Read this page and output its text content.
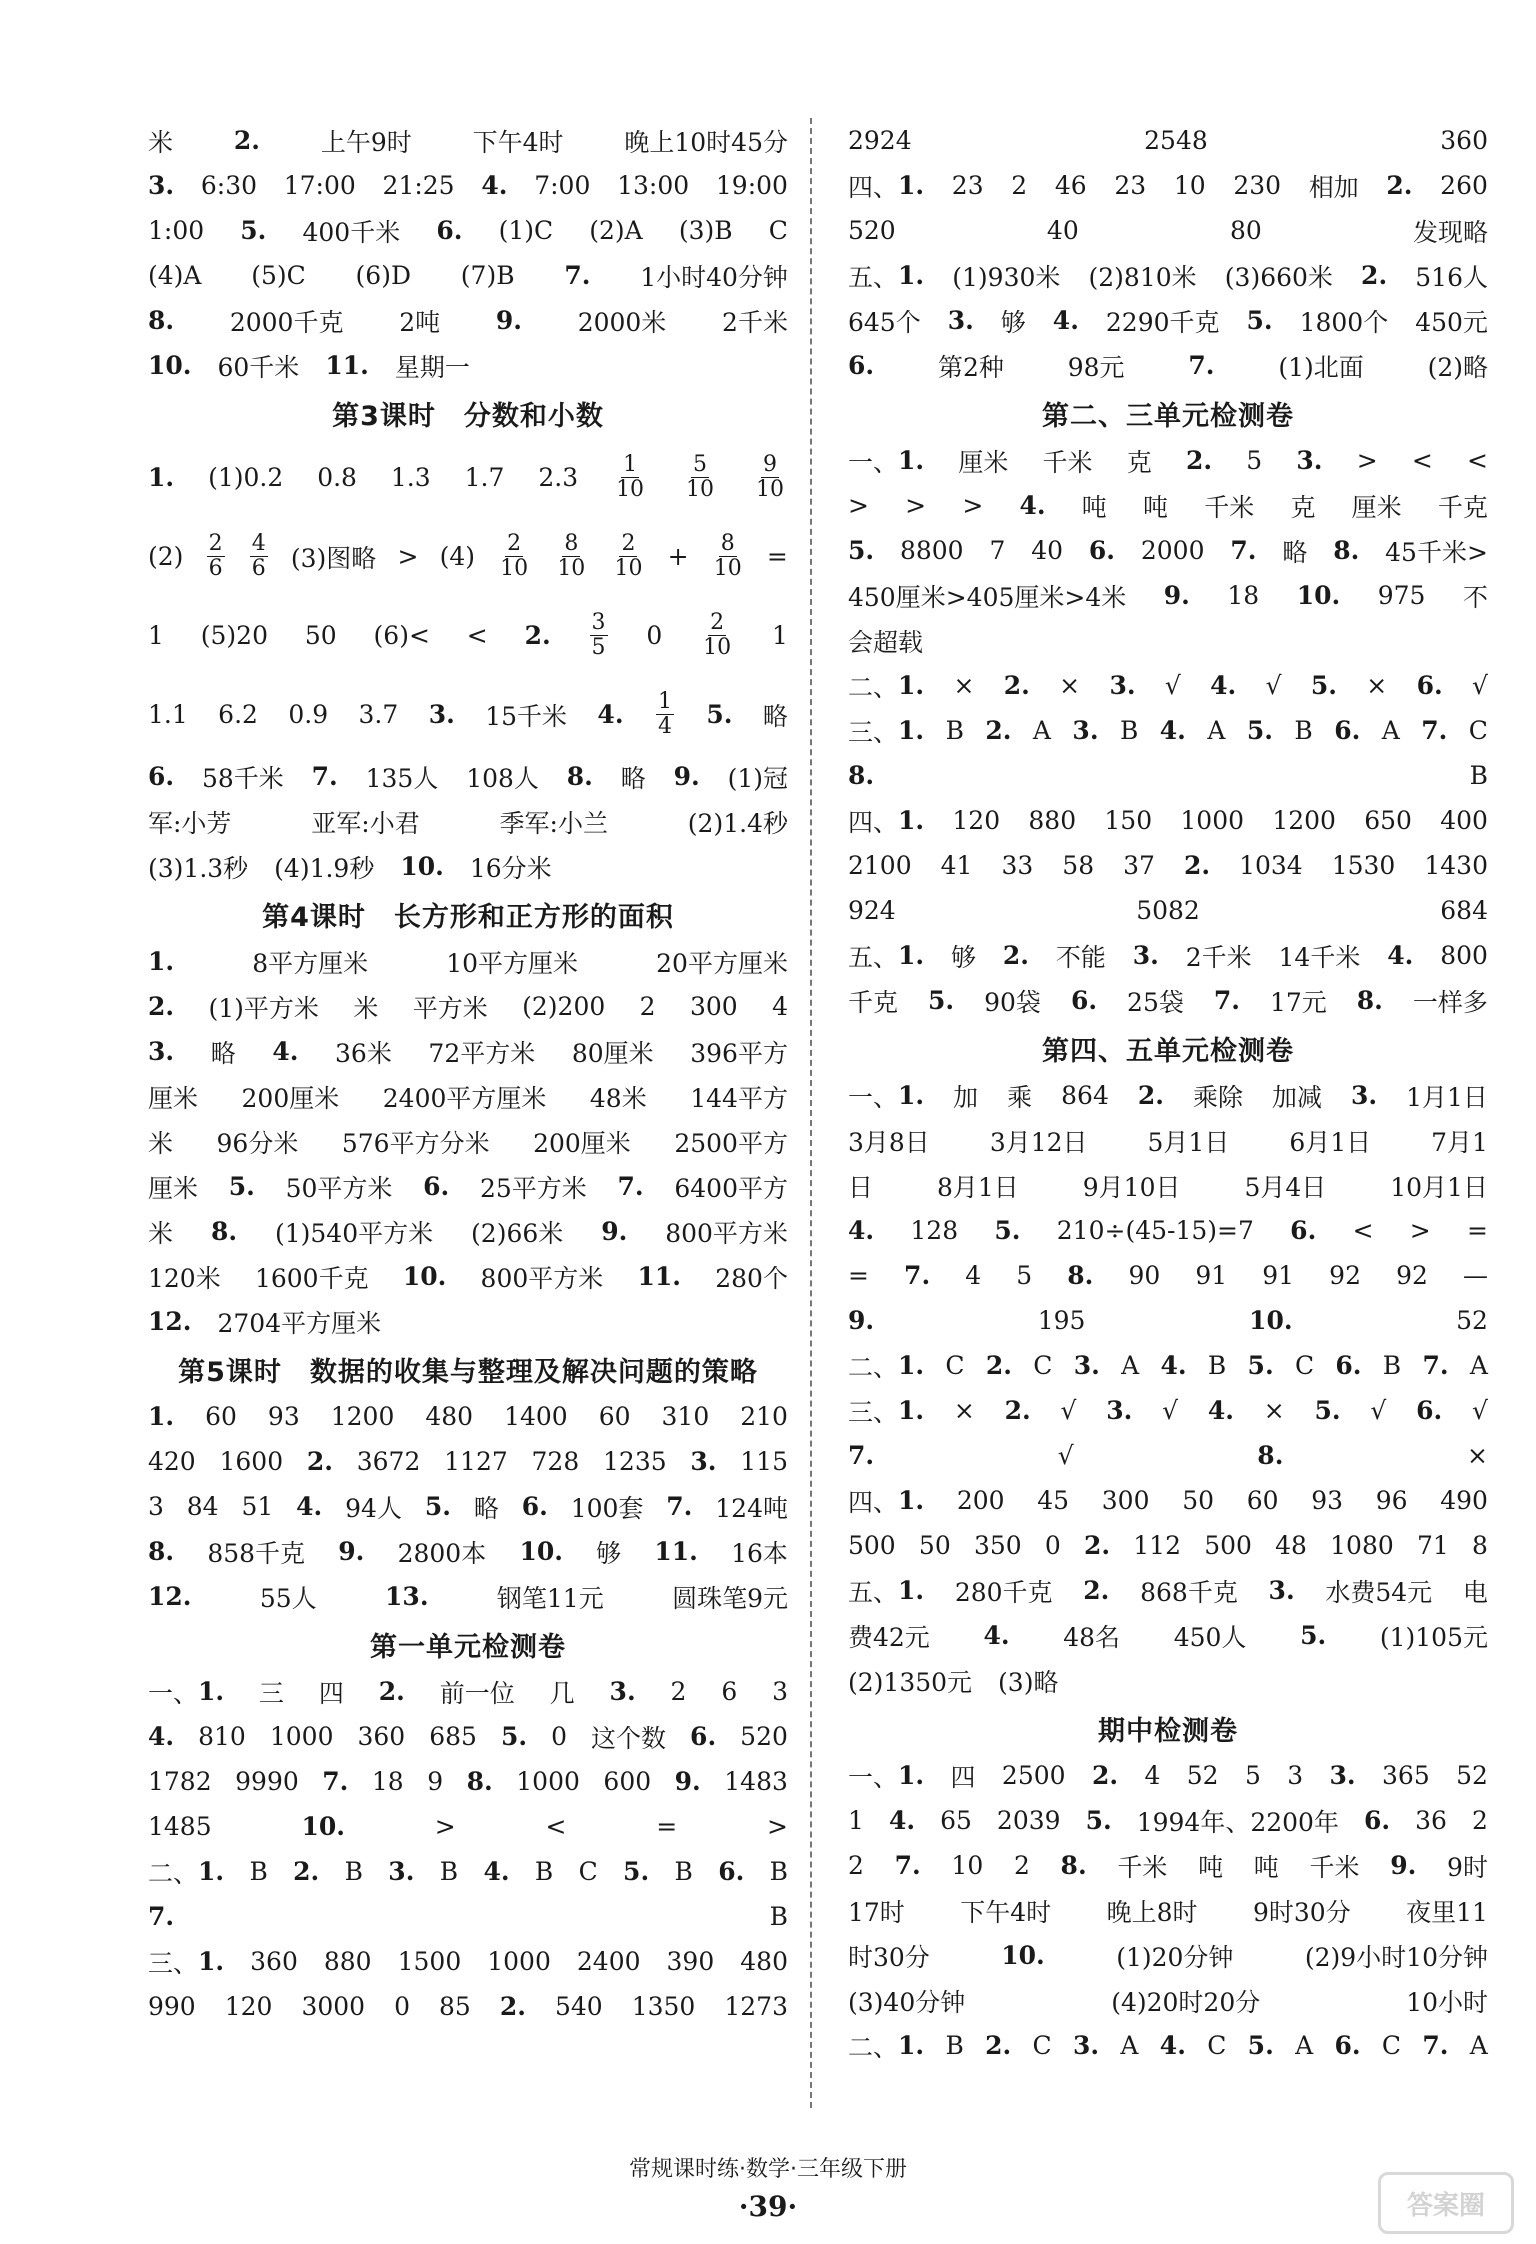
米 2. 上午9时 下午4时 晚上10时45分
3. 6:30 17:00 21:25 4. 7:00 13:00 19:00
1:00 5. 400千米 6. (1)C (2)A (3)B C
(4)A (5)C (6)D (7)B 7. 1小时40分钟
8. 2000千克 2吨 9. 2000米 2千米
10. 60千米 11. 星期一
第3课时　分数和小数
1. (1)0.2 0.8 1.3 1.7 2.3 1
10
5
10
9
10
(2) 2
6
4
6 (3)图略 > (4) 2
10
8
10
2
10 + 8
10 =
1 (5)20 50 (6)< < 2. 3
5 0 2
10 1
1.1 6.2 0.9 3.7 3. 15千米 4. 1
4 5. 略
6. 58千米 7. 135人 108人 8. 略 9. (1)冠
军:小芳	亚军:小君	季军:小兰	(2)1.4秒
(3)1.3秒 (4)1.9秒 10. 16分米
第4课时　长方形和正方形的面积
1.	8平方厘米	10平方厘米	20平方厘米
2. (1)平方米 米 平方米 (2)200 2 300 4
3. 略 4. 36米 72平方米 80厘米 396平方
厘米 200厘米 2400平方厘米 48米 144平方
米 96分米 576平方分米 200厘米 2500平方
厘米 5. 50平方米 6. 25平方米 7. 6400平方
米 8. (1)540平方米 (2)66米 9. 800平方米
120米 1600千克 10. 800平方米 11. 280个
12. 2704平方厘米
第5课时　数据的收集与整理及解决问题的策略
1. 60 93 1200 480 1400 60 310 210
420 1600 2. 3672 1127 728 1235 3. 115
3 84 51 4. 94人 5. 略 6. 100套 7. 124吨
8. 858千克 9. 2800本 10. 够 11. 16本
12.	55人	13.	钢笔11元	圆珠笔9元
第一单元检测卷
一、 1. 三 四 2. 前一位 几 3. 2 6 3
4. 810 1000 360 685 5. 0 这个数 6. 520
1782 9990 7. 18 9 8. 1000 600 9. 1483
1485	10.	>	<	=	>
二、 1. B 2. B 3. B 4. B C 5. B 6. B
7.	B
三、 1. 360 880 1500 1000 2400 390 480
990 120 3000 0 85 2. 540 1350 1273
2924	2548	360
四、 1. 23 2 46 23 10 230 相加 2. 260
520	40	80	发现略
五、 1. (1)930米 (2)810米 (3)660米 2. 516人
645个 3. 够 4. 2290千克 5. 1800个 450元
6.	第2种	98元	7.	(1)北面	(2)略
第二、三单元检测卷
一、 1. 厘米 千米 克 2. 5 3. > < <
> > > 4. 吨 吨 千米 克 厘米 千克
5. 8800 7 40 6. 2000 7. 略 8. 45千米>
450厘米>405厘米>4米 9. 18 10. 975 不
会超载
二、 1. × 2. × 3. √ 4. √ 5. × 6. √
三、 1. B 2. A 3. B 4. A 5. B 6. A 7. C
8.	B
四、 1. 120 880 150 1000 1200 650 400
2100 41 33 58 37 2. 1034 1530 1430
924	5082	684
五、 1. 够 2. 不能 3. 2千米 14千米 4. 800
千克 5. 90袋 6. 25袋 7. 17元 8. 一样多
第四、五单元检测卷
一、 1. 加 乘 864 2. 乘除 加减 3. 1月1日
3月8日 3月12日 5月1日 6月1日 7月1
日	8月1日	9月10日	5月4日	10月1日
4. 128 5. 210÷(45-15)=7 6. < > =
= 7. 4 5 8. 90 91 91 92 92 —
9.	195	10.	52
二、 1. C 2. C 3. A 4. B 5. C 6. B 7. A
三、 1. × 2. √ 3. √ 4. × 5. √ 6. √
7.	√	8.	×
四、 1. 200 45 300 50 60 93 96 490
500 50 350 0 2. 112 500 48 1080 71 8
五、 1. 280千克 2. 868千克 3. 水费54元 电
费42元 4. 48名 450人 5. (1)105元
(2)1350元 (3)略
期中检测卷
一、 1. 四 2500 2. 4 52 5 3 3. 365 52
1 4. 65 2039 5. 1994年、2200年 6. 36 2
2 7. 10 2 8. 千米 吨 吨 千米 9. 9时
17时 下午4时 晚上8时 9时30分 夜里11
时30分	10.	(1)20分钟	(2)9小时10分钟
(3)40分钟	(4)20时20分	10小时
二、 1. B 2. C 3. A 4. C 5. A 6. C 7. A
常规课时练·数学·三年级下册
·39·	答案圈
